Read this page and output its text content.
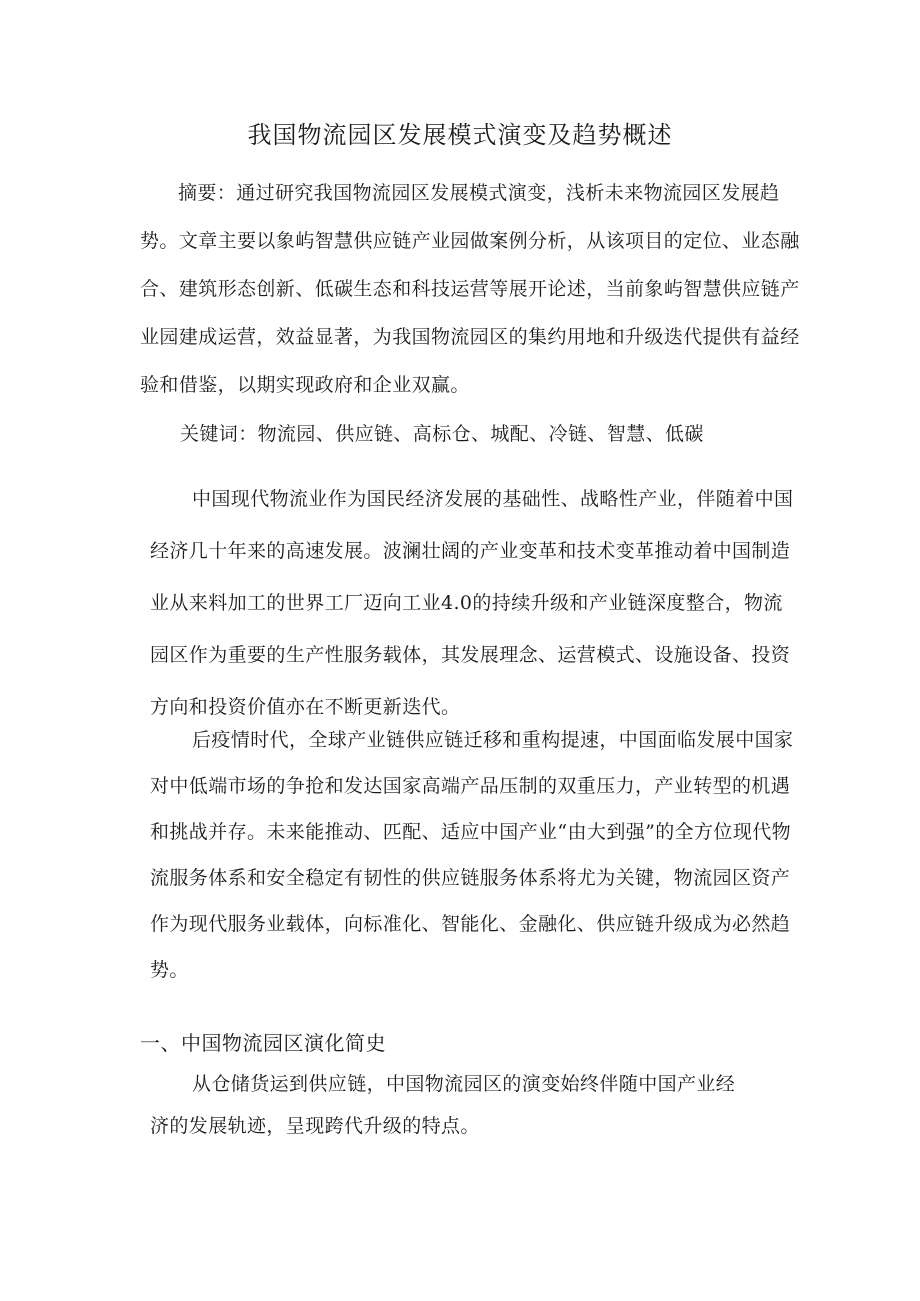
我国物流园区发展模式演变及趋势概述

摘要：通过研究我国物流园区发展模式演变，浅析未来物流园区发展趋势。文章主要以象屿智慧供应链产业园做案例分析，从该项目的定位、业态融合、建筑形态创新、低碳生态和科技运营等展开论述，当前象屿智慧供应链产业园建成运营，效益显著，为我国物流园区的集约用地和升级迭代提供有益经验和借鉴，以期实现政府和企业双赢。

关键词：物流园、供应链、高标仓、城配、冷链、智慧、低碳

中国现代物流业作为国民经济发展的基础性、战略性产业，伴随着中国经济几十年来的高速发展。波澜壮阔的产业变革和技术变革推动着中国制造业从来料加工的世界工厂迈向工业4.0的持续升级和产业链深度整合，物流园区作为重要的生产性服务载体，其发展理念、运营模式、设施设备、投资方向和投资价值亦在不断更新迭代。

后疫情时代，全球产业链供应链迁移和重构提速，中国面临发展中国家对中低端市场的争抢和发达国家高端产品压制的双重压力，产业转型的机遇和挑战并存。未来能推动、匹配、适应中国产业“由大到强”的全方位现代物流服务体系和安全稳定有韧性的供应链服务体系将尤为关键，物流园区资产作为现代服务业载体，向标准化、智能化、金融化、供应链升级成为必然趋势。

一、中国物流园区演化简史

从仓储货运到供应链，中国物流园区的演变始终伴随中国产业经济的发展轨迹，呈现跨代升级的特点。
